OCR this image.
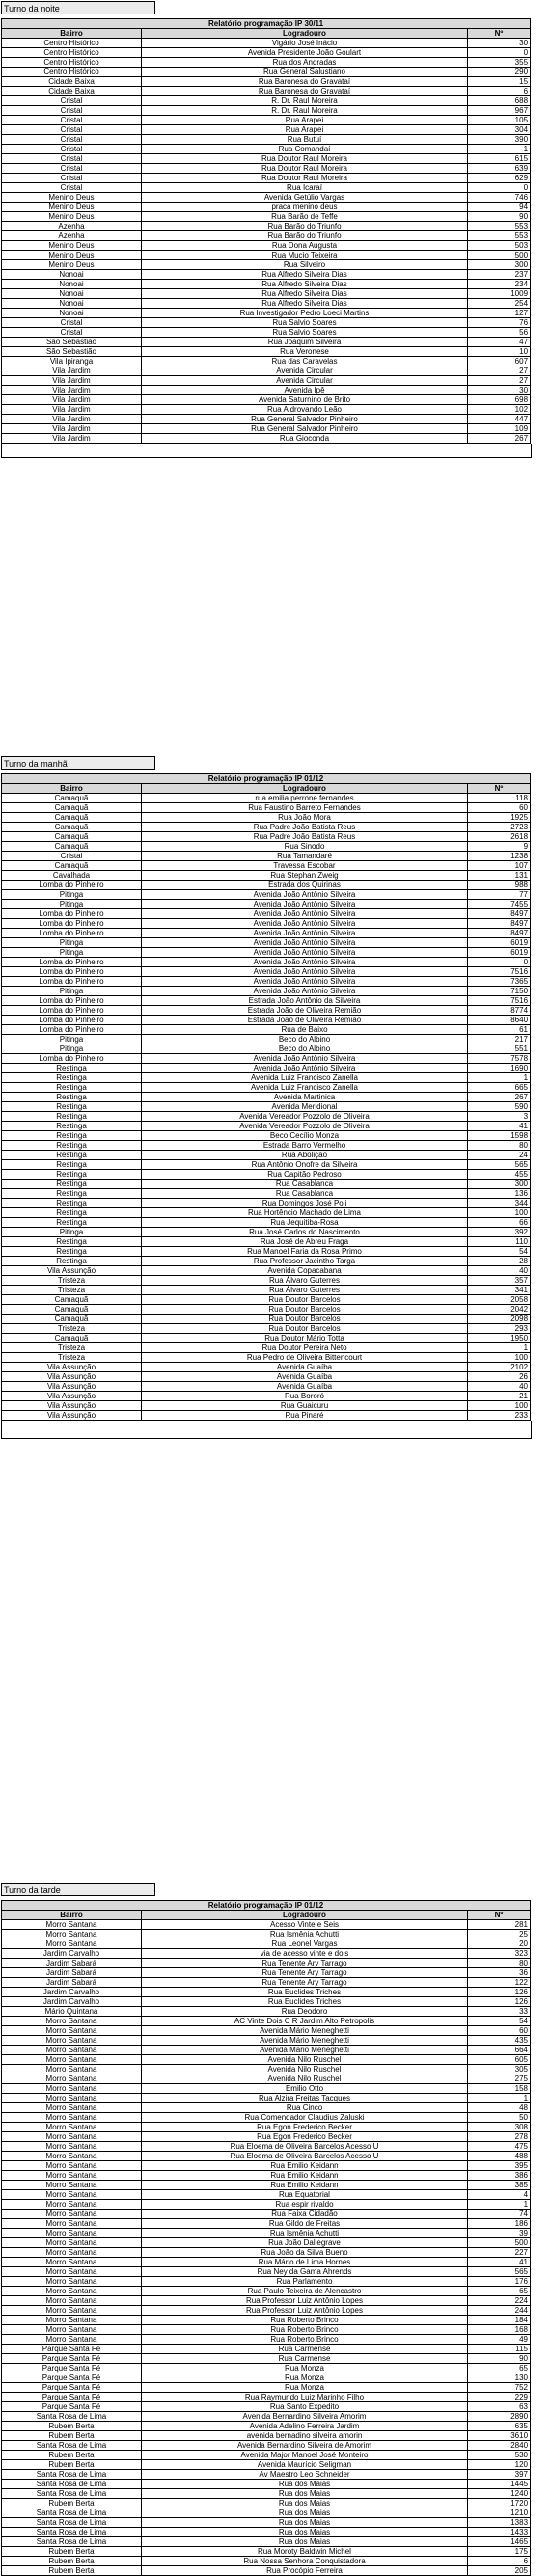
Turno da noite
Relatório programação IP 30/11		
Bairro	Logradouro	Nº
Centro Histórico	Vigário José Inácio	30
Centro Histórico	Avenida Presidente João Goulart	0
Centro Histórico	Rua dos Andradas	355
Centro Histórico	Rua General Salustiano	290
Cidade Baixa	Rua Baronesa do Gravataí	15
Cidade Baixa	Rua Baronesa do Gravataí	6
Cristal	R. Dr. Raul Moreira	688
Cristal	R. Dr. Raul Moreira	967
Cristal	Rua Arapei	105
Cristal	Rua Arapei	304
Cristal	Rua Butuí	390
Cristal	Rua Comandaí	1
Cristal	Rua Doutor Raul Moreira	615
Cristal	Rua Doutor Raul Moreira	639
Cristal	Rua Doutor Raul Moreira	629
Cristal	Rua Icaraí	0
Menino Deus	Avenida Getúlio Vargas	746
Menino Deus	praca menino deus	94
Menino Deus	Rua Barão de Teffe	90
Azenha	Rua Barão do Triunfo	553
Azenha	Rua Barão do Triunfo	553
Menino Deus	Rua Dona Augusta	503
Menino Deus	Rua Mucio Teixeira	500
Menino Deus	Rua Silveiro	300
Nonoai	Rua Alfredo Silveira Dias	237
Nonoai	Rua Alfredo Silveira Dias	234
Nonoai	Rua Alfredo Silveira Dias	1009
Nonoai	Rua Alfredo Silveira Dias	254
Nonoai	Rua Investigador Pedro Loeci Martins	127
Cristal	Rua Salvio Soares	76
Cristal	Rua Salvio Soares	56
São Sebastião	Rua Joaquim Silveira	47
São Sebastião	Rua Veronese	10
Vila Ipiranga	Rua das Caravelas	607
Vila Jardim	Avenida Circular	27
Vila Jardim	Avenida Circular	27
Vila Jardim	Avenida Ipê	30
Vila Jardim	Avenida Saturnino de Brito	698
Vila Jardim	Rua Aldrovando Leão	102
Vila Jardim	Rua General Salvador Pinheiro	447
Vila Jardim	Rua General Salvador Pinheiro	109
Vila Jardim	Rua Gioconda	267
Turno da manhã
Relatório programação IP 01/12		
Bairro	Logradouro	Nº
Camaquã	rua emilia perrone fernandes	118
Camaquã	Rua Faustino Barreto Fernandes	60
Camaquã	Rua João Mora	1925
Camaquã	Rua Padre João Batista Reus	2723
Camaquã	Rua Padre João Batista Reus	2618
Camaquã	Rua Sinodo	9
Cristal	Rua Tamandaré	1238
Camaquã	Travessa Escobar	107
Cavalhada	Rua Stephan Zweig	131
Lomba do Pinheiro	Estrada dos Quirinas	988
Pitinga	Avenida João Antônio Silveira	77
Pitinga	Avenida João Antônio Silveira	7455
Lomba do Pinheiro	Avenida João Antônio Silveira	8497
Lomba do Pinheiro	Avenida João Antônio Silveira	8497
Lomba do Pinheiro	Avenida João Antônio Silveira	8497
Pitinga	Avenida João Antônio Silveira	6019
Pitinga	Avenida João Antônio Silveira	6019
Lomba do Pinheiro	Avenida João Antônio Silveira	0
Lomba do Pinheiro	Avenida João Antônio Silveira	7516
Lomba do Pinheiro	Avenida João Antônio Silveira	7365
Pitinga	Avenida João Antônio Silveira	7150
Lomba do Pinheiro	Estrada João Antônio da Silveira	7516
Lomba do Pinheiro	Estrada João de Oliveira Remião	8774
Lomba do Pinheiro	Estrada João de Oliveira Remião	8640
Lomba do Pinheiro	Rua de Baixo	61
Pitinga	Beco do Albino	217
Pitinga	Beco do Albino	551
Lomba do Pinheiro	Avenida João Antônio Silveira	7578
Restinga	Avenida João Antônio Silveira	1690
Restinga	Avenida Luiz Francisco Zanella	1
Restinga	Avenida Luiz Francisco Zanella	665
Restinga	Avenida Martinica	267
Restinga	Avenida Meridional	590
Restinga	Avenida Vereador Pozzolo de Oliveira	3
Restinga	Avenida Vereador Pozzolo de Oliveira	41
Restinga	Beco Cecílio Monza	1598
Restinga	Estrada Barro Vermelho	80
Restinga	Rua Abolição	24
Restinga	Rua Antônio Onofre da Silveira	565
Restinga	Rua Capitão Pedroso	455
Restinga	Rua Casablanca	300
Restinga	Rua Casablanca	136
Restinga	Rua Domingos José Poli	344
Restinga	Rua Hortêncio Machado de Lima	100
Restinga	Rua Jequitiba-Rosa	66
Pitinga	Rua José Carlos do Nascimento	392
Restinga	Rua José de Abreu Fraga	110
Restinga	Rua Manoel Faria da Rosa Primo	54
Restinga	Rua Professor Jacintho Targa	28
Vila Assunção	Avenida Copacabana	40
Tristeza	Rua Álvaro Guterres	357
Tristeza	Rua Álvaro Guterres	341
Camaquã	Rua Doutor Barcelos	2058
Camaquã	Rua Doutor Barcelos	2042
Camaquã	Rua Doutor Barcelos	2098
Tristeza	Rua Doutor Barcelos	293
Camaquã	Rua Doutor Mário Totta	1950
Tristeza	Rua Doutor Pereira Neto	1
Tristeza	Rua Pedro de Oliveira Bittencourt	100
Vila Assunção	Avenida Guaíba	2102
Vila Assunção	Avenida Guaíba	26
Vila Assunção	Avenida Guaíba	40
Vila Assunção	Rua Bororó	21
Vila Assunção	Rua Guaicuru	100
Vila Assunção	Rua Pinaré	233
Turno da tarde
Relatório programação IP 01/12		
Bairro	Logradouro	Nº
Morro Santana	Acesso Vinte e Seis	281
Morro Santana	Rua Ismênia Achutti	25
Morro Santana	Rua Leonel Vargas	20
Jardim Carvalho	via de acesso vinte e dois	323
Jardim Sabará	Rua Tenente Ary Tarrago	80
Jardim Sabará	Rua Tenente Ary Tarrago	36
Jardim Sabará	Rua Tenente Ary Tarrago	122
Jardim Carvalho	Rua Euclides Triches	126
Jardim Carvalho	Rua Euclides Triches	126
Mário Quintana	Rua Deodoro	33
Morro Santana	AC Vinte Dois C R Jardim Alto Petropolis	54
Morro Santana	Avenida Mário Meneghetti	60
Morro Santana	Avenida Mário Meneghetti	435
Morro Santana	Avenida Mário Meneghetti	664
Morro Santana	Avenida Nilo Ruschel	605
Morro Santana	Avenida Nilo Ruschel	305
Morro Santana	Avenida Nilo Ruschel	275
Morro Santana	Emilio Otto	158
Morro Santana	Rua Alzira Freitas Tacques	1
Morro Santana	Rua Cinco	48
Morro Santana	Rua Comendador Claudius Zaluski	50
Morro Santana	Rua Egon Frederico Becker	308
Morro Santana	Rua Egon Frederico Becker	278
Morro Santana	Rua Eloema de Oliveira Barcelos Acesso U	475
Morro Santana	Rua Eloema de Oliveira Barcelos Acesso U	488
Morro Santana	Rua Emilio Keidann	395
Morro Santana	Rua Emilio Keidann	386
Morro Santana	Rua Emilio Keidann	385
Morro Santana	Rua Equatorial	4
Morro Santana	Rua espir rivaldo	1
Morro Santana	Rua Faixa Cidadão	74
Morro Santana	Rua Gildo de Freitas	186
Morro Santana	Rua Ismênia Achutti	39
Morro Santana	Rua João Dallegrave	500
Morro Santana	Rua João da Silva Bueno	227
Morro Santana	Rua Mário de Lima Hornes	41
Morro Santana	Rua Ney da Gama Ahrends	565
Morro Santana	Rua Parlamento	176
Morro Santana	Rua Paulo Teixeira de Alencastro	65
Morro Santana	Rua Professor Luiz Antônio Lopes	224
Morro Santana	Rua Professor Luiz Antônio Lopes	244
Morro Santana	Rua Roberto Brinco	184
Morro Santana	Rua Roberto Brinco	168
Morro Santana	Rua Roberto Brinco	49
Parque Santa Fé	Rua Carmense	115
Parque Santa Fé	Rua Carmense	90
Parque Santa Fé	Rua Monza	65
Parque Santa Fé	Rua Monza	130
Parque Santa Fé	Rua Monza	752
Parque Santa Fé	Rua Raymundo Luiz Marinho Filho	229
Parque Santa Fé	Rua Santo Expedito	63
Santa Rosa de Lima	Avenida Bernardino Silveira Amorim	2890
Rubem Berta	Avenida Adelino Ferreira Jardim	635
Rubem Berta	avenida bernadino silveira amorin	3610
Santa Rosa de Lima	Avenida Bernardino Silveira de Amorim	2840
Rubem Berta	Avenida Major Manoel José Monteiro	530
Rubem Berta	Avenida Maurício Seligman	120
Santa Rosa de Lima	Av Maestro Leo Schneider	397
Santa Rosa de Lima	Rua dos Maias	1445
Santa Rosa de Lima	Rua dos Maias	1240
Rubem Berta	Rua dos Maias	1720
Santa Rosa de Lima	Rua dos Maias	1210
Santa Rosa de Lima	Rua dos Maias	1383
Santa Rosa de Lima	Rua dos Maias	1433
Santa Rosa de Lima	Rua dos Maias	1465
Rubem Berta	Rua Moroty Baldwin Michel	175
Rubem Berta	Rua Nossa Senhora Conquistadora	6
Rubem Berta	Rua Procópio Ferreira	205
